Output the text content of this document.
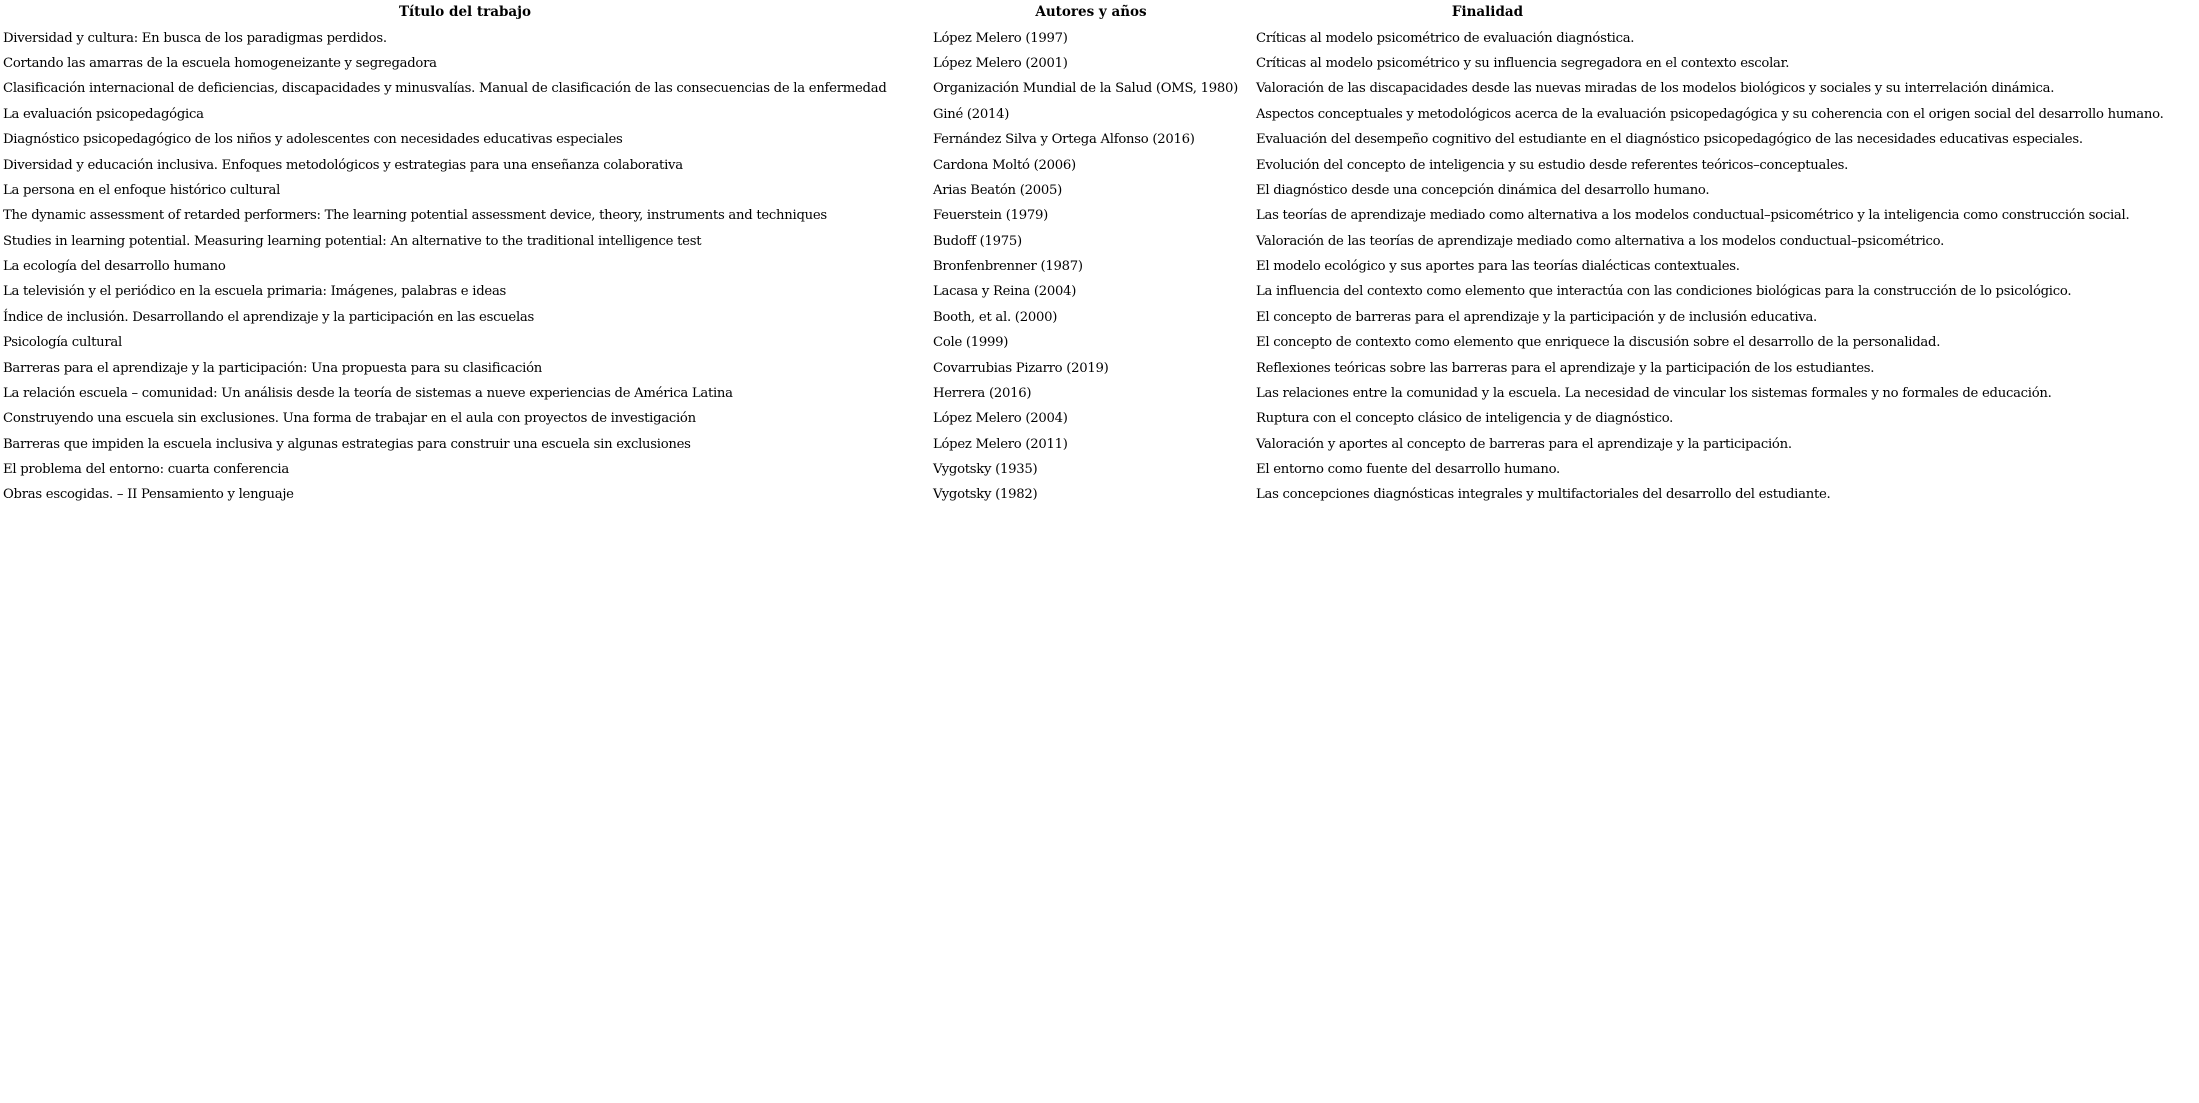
Título del trabajo	Autores y años	Finalidad
Diversidad y cultura: En busca de los paradigmas perdidos.	López Melero (1997)	Críticas al modelo psicométrico de evaluación diagnóstica.
Cortando las amarras de la escuela homogeneizante y segregadora	López Melero (2001)	Críticas al modelo psicométrico y su influencia segregadora en el contexto escolar.
Clasificación internacional de deficiencias, discapacidades y minusvalías. Manual de clasificación de las consecuencias de la enfermedad	Organización Mundial de la Salud (OMS, 1980)	Valoración de las discapacidades desde las nuevas miradas de los modelos biológicos y sociales y su interrelación dinámica.
La evaluación psicopedagógica	Giné (2014)	Aspectos conceptuales y metodológicos acerca de la evaluación psicopedagógica y su coherencia con el origen social del desarrollo humano.
Diagnóstico psicopedagógico de los niños y adolescentes con necesidades educativas especiales	Fernández Silva y Ortega Alfonso (2016)	Evaluación del desempeño cognitivo del estudiante en el diagnóstico psicopedagógico de las necesidades educativas especiales.
Diversidad y educación inclusiva. Enfoques metodológicos y estrategias para una enseñanza colaborativa	Cardona Moltó (2006)	Evolución del concepto de inteligencia y su estudio desde referentes teóricos–conceptuales.
La persona en el enfoque histórico cultural	Arias Beatón (2005)	El diagnóstico desde una concepción dinámica del desarrollo humano.
The dynamic assessment of retarded performers: The learning potential assessment device, theory, instruments and techniques	Feuerstein (1979)	Las teorías de aprendizaje mediado como alternativa a los modelos conductual–psicométrico y la inteligencia como construcción social.
Studies in learning potential. Measuring learning potential: An alternative to the traditional intelligence test	Budoff (1975)	Valoración de las teorías de aprendizaje mediado como alternativa a los modelos conductual–psicométrico.
La ecología del desarrollo humano	Bronfenbrenner (1987)	El modelo ecológico y sus aportes para las teorías dialécticas contextuales.
La televisión y el periódico en la escuela primaria: Imágenes, palabras e ideas	Lacasa y Reina (2004)	La influencia del contexto como elemento que interactúa con las condiciones biológicas para la construcción de lo psicológico.
Índice de inclusión. Desarrollando el aprendizaje y la participación en las escuelas	Booth, et al. (2000)	El concepto de barreras para el aprendizaje y la participación y de inclusión educativa.
Psicología cultural	Cole (1999)	El concepto de contexto como elemento que enriquece la discusión sobre el desarrollo de la personalidad.
Barreras para el aprendizaje y la participación: Una propuesta para su clasificación	Covarrubias Pizarro (2019)	Reflexiones teóricas sobre las barreras para el aprendizaje y la participación de los estudiantes.
La relación escuela – comunidad: Un análisis desde la teoría de sistemas a nueve experiencias de América Latina	Herrera (2016)	Las relaciones entre la comunidad y la escuela. La necesidad de vincular los sistemas formales y no formales de educación.
Construyendo una escuela sin exclusiones. Una forma de trabajar en el aula con proyectos de investigación	López Melero (2004)	Ruptura con el concepto clásico de inteligencia y de diagnóstico.
Barreras que impiden la escuela inclusiva y algunas estrategias para construir una escuela sin exclusiones	López Melero (2011)	Valoración y aportes al concepto de barreras para el aprendizaje y la participación.
El problema del entorno: cuarta conferencia	Vygotsky (1935)	El entorno como fuente del desarrollo humano.
Obras escogidas. – II Pensamiento y lenguaje	Vygotsky (1982)	Las concepciones diagnósticas integrales y multifactoriales del desarrollo del estudiante.
